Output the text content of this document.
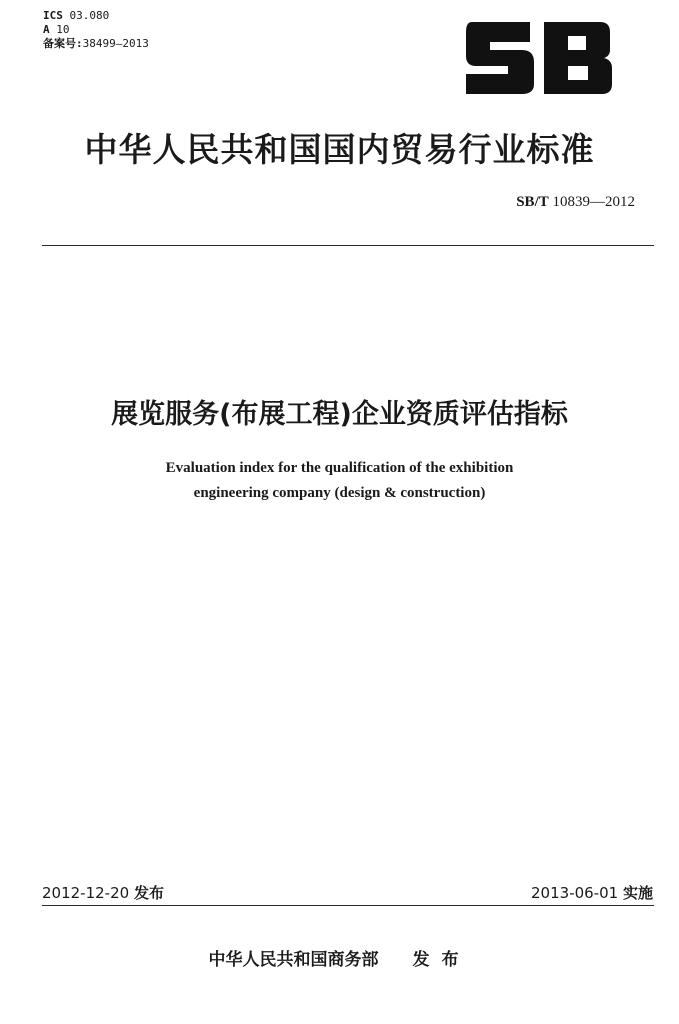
ICS 03.080
A 10
备案号:38499—2013
中华人民共和国国内贸易行业标准
SB/T 10839—2012
展览服务(布展工程)企业资质评估指标
Evaluation index for the qualification of the exhibition
engineering company (design & construction)
2012-12-20 发布	2013-06-01 实施
中华人民共和国商务部 发布
